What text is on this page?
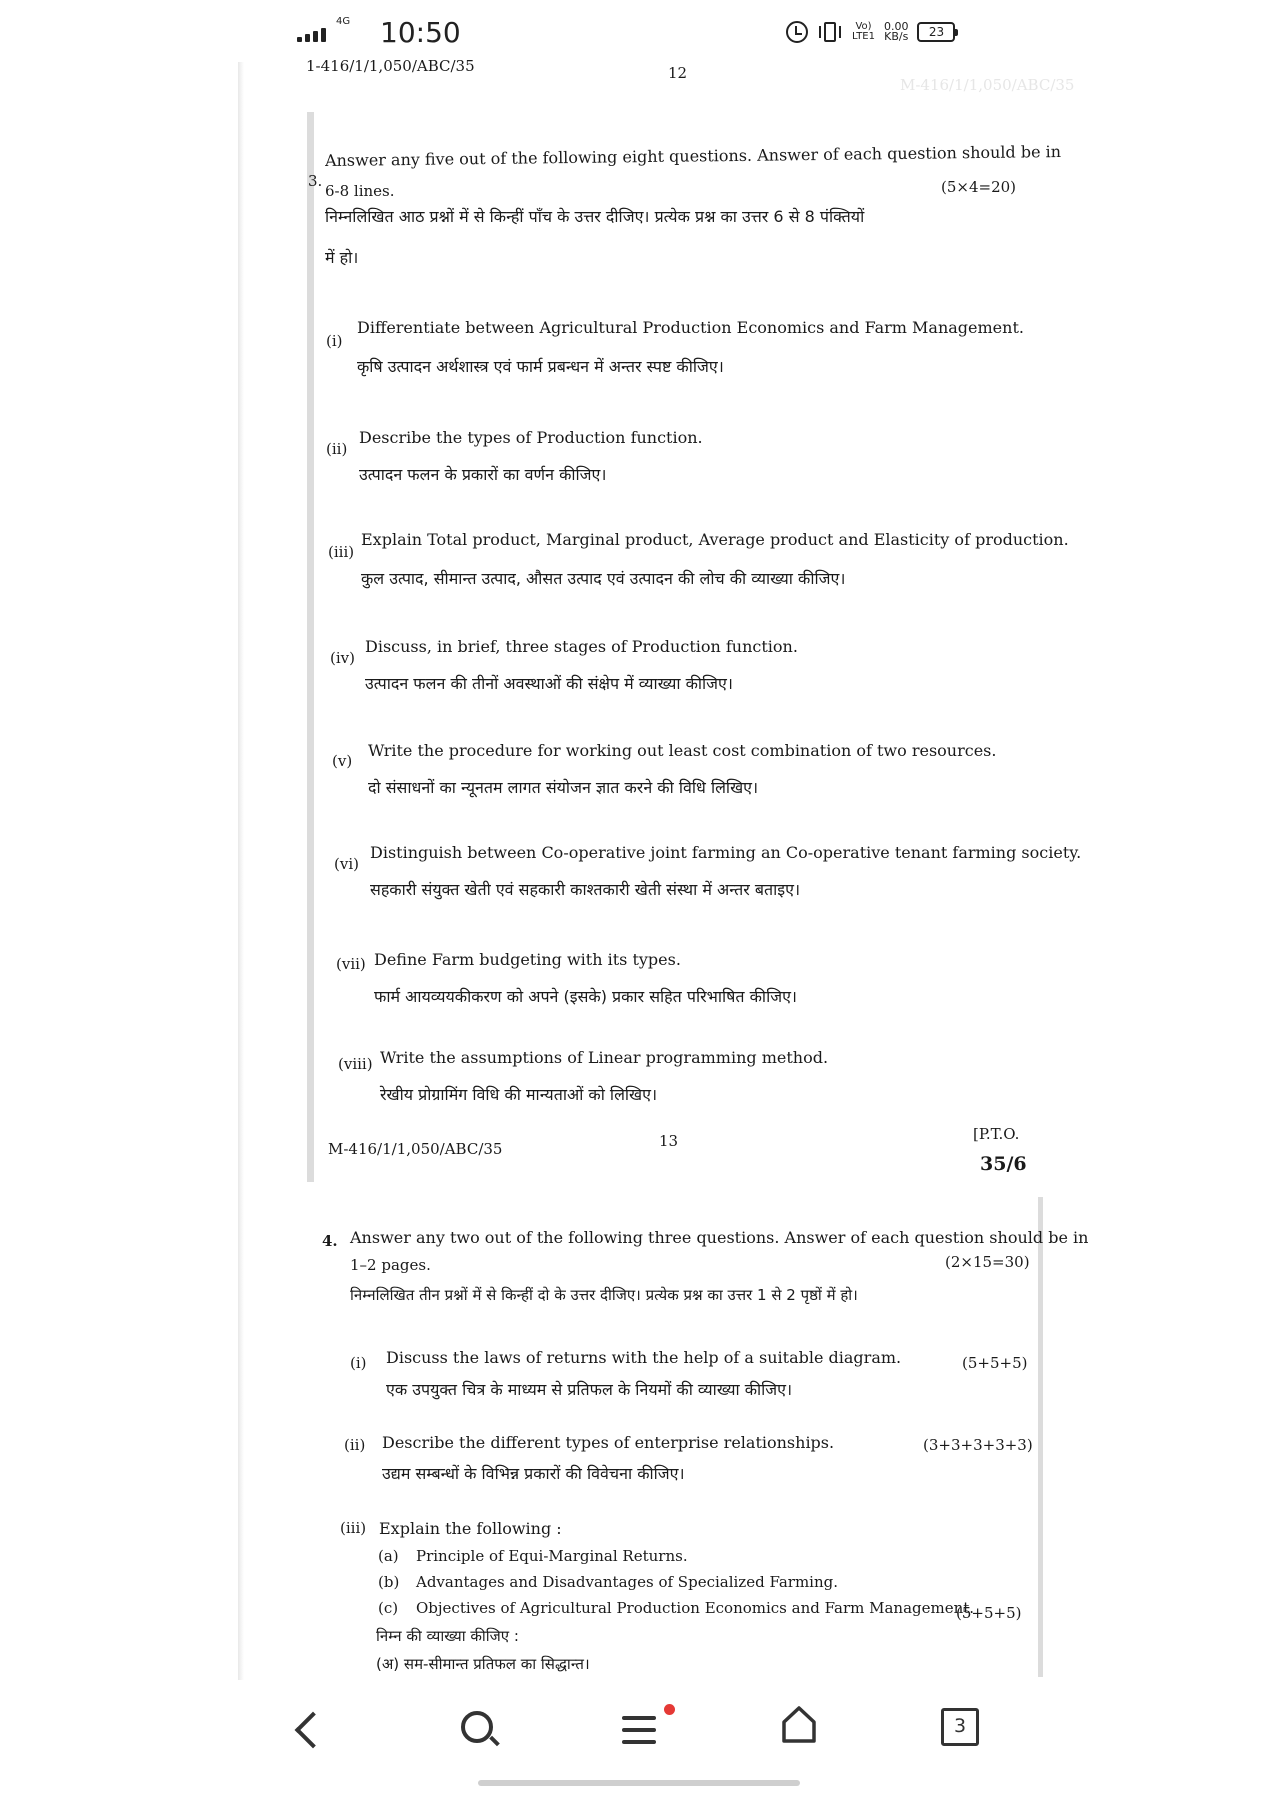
4G 10:50	Vo)
LTE1
0.00
KB/s	23
1-416/1/1,050/ABC/35	12
M-416/1/1,050/ABC/35
3.
Answer any five out of the following eight questions. Answer of each question should be in
6-8 lines.	(5×4=20)
निम्नलिखित आठ प्रश्नों में से किन्हीं पाँच के उत्तर दीजिए। प्रत्येक प्रश्न का उत्तर 6 से 8 पंक्तियों
में हो।
(i)
Differentiate between Agricultural Production Economics and Farm Management.
कृषि उत्पादन अर्थशास्त्र एवं फार्म प्रबन्धन में अन्तर स्पष्ट कीजिए।
(ii)
Describe the types of Production function.
उत्पादन फलन के प्रकारों का वर्णन कीजिए।
(iii)
Explain Total product, Marginal product, Average product and Elasticity of production.
कुल उत्पाद, सीमान्त उत्पाद, औसत उत्पाद एवं उत्पादन की लोच की व्याख्या कीजिए।
(iv)
Discuss, in brief, three stages of Production function.
उत्पादन फलन की तीनों अवस्थाओं की संक्षेप में व्याख्या कीजिए।
(v)
Write the procedure for working out least cost combination of two resources.
दो संसाधनों का न्यूनतम लागत संयोजन ज्ञात करने की विधि लिखिए।
(vi)
Distinguish between Co-operative joint farming an Co-operative tenant farming society.
सहकारी संयुक्त खेती एवं सहकारी काश्तकारी खेती संस्था में अन्तर बताइए।
(vii) Define Farm budgeting with its types.
फार्म आयव्ययकीकरण को अपने (इसके) प्रकार सहित परिभाषित कीजिए।
(viii) Write the assumptions of Linear programming method.
रेखीय प्रोग्रामिंग विधि की मान्यताओं को लिखिए।
M-416/1/1,050/ABC/35	13	[P.T.O.
35/6
4. Answer any two out of the following three questions. Answer of each question should be in
1–2 pages.	(2×15=30)
निम्नलिखित तीन प्रश्नों में से किन्हीं दो के उत्तर दीजिए। प्रत्येक प्रश्न का उत्तर 1 से 2 पृष्ठों में हो।
(i) Discuss the laws of returns with the help of a suitable diagram.	(5+5+5)
एक उपयुक्त चित्र के माध्यम से प्रतिफल के नियमों की व्याख्या कीजिए।
(ii) Describe the different types of enterprise relationships.	(3+3+3+3+3)
उद्यम सम्बन्धों के विभिन्न प्रकारों की विवेचना कीजिए।
(iii) Explain the following :
(a) Principle of Equi-Marginal Returns.
(b) Advantages and Disadvantages of Specialized Farming.
(c) Objectives of Agricultural Production Economics and Farm Management.
(5+5+5)
निम्न की व्याख्या कीजिए :
(अ) सम-सीमान्त प्रतिफल का सिद्धान्त।
3
